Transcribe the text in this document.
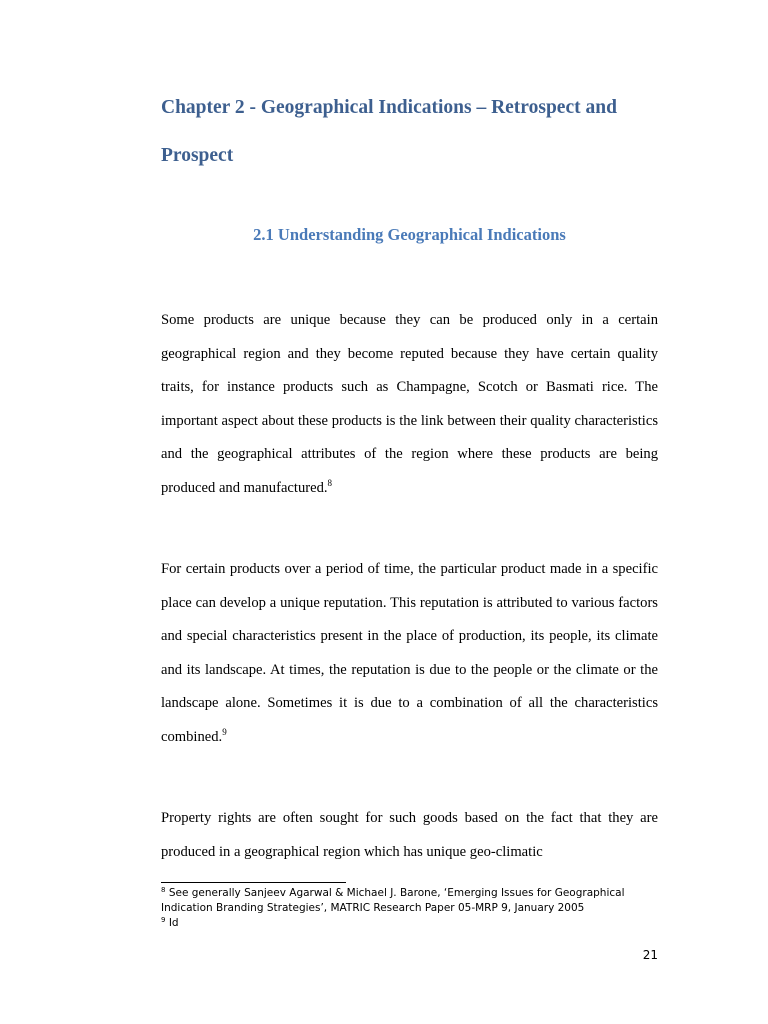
Chapter 2 - Geographical Indications – Retrospect and Prospect
2.1 Understanding Geographical Indications

Some products are unique because they can be produced only in a certain geographical region and they become reputed because they have certain quality traits, for instance products such as Champagne, Scotch or Basmati rice. The important aspect about these products is the link between their quality characteristics and the geographical attributes of the region where these products are being produced and manufactured.$^8$

For certain products over a period of time, the particular product made in a specific place can develop a unique reputation. This reputation is attributed to various factors and special characteristics present in the place of production, its people, its climate and its landscape. At times, the reputation is due to the people or the climate or the landscape alone. Sometimes it is due to a combination of all the characteristics combined.$^9$

Property rights are often sought for such goods based on the fact that they are produced in a geographical region which has unique geo-climatic

$^8$ See generally Sanjeev Agarwal & Michael J. Barone, ‘Emerging Issues for Geographical Indication Branding Strategies’, MATRIC Research Paper 05-MRP 9, January 2005

$^9$ Id

21
